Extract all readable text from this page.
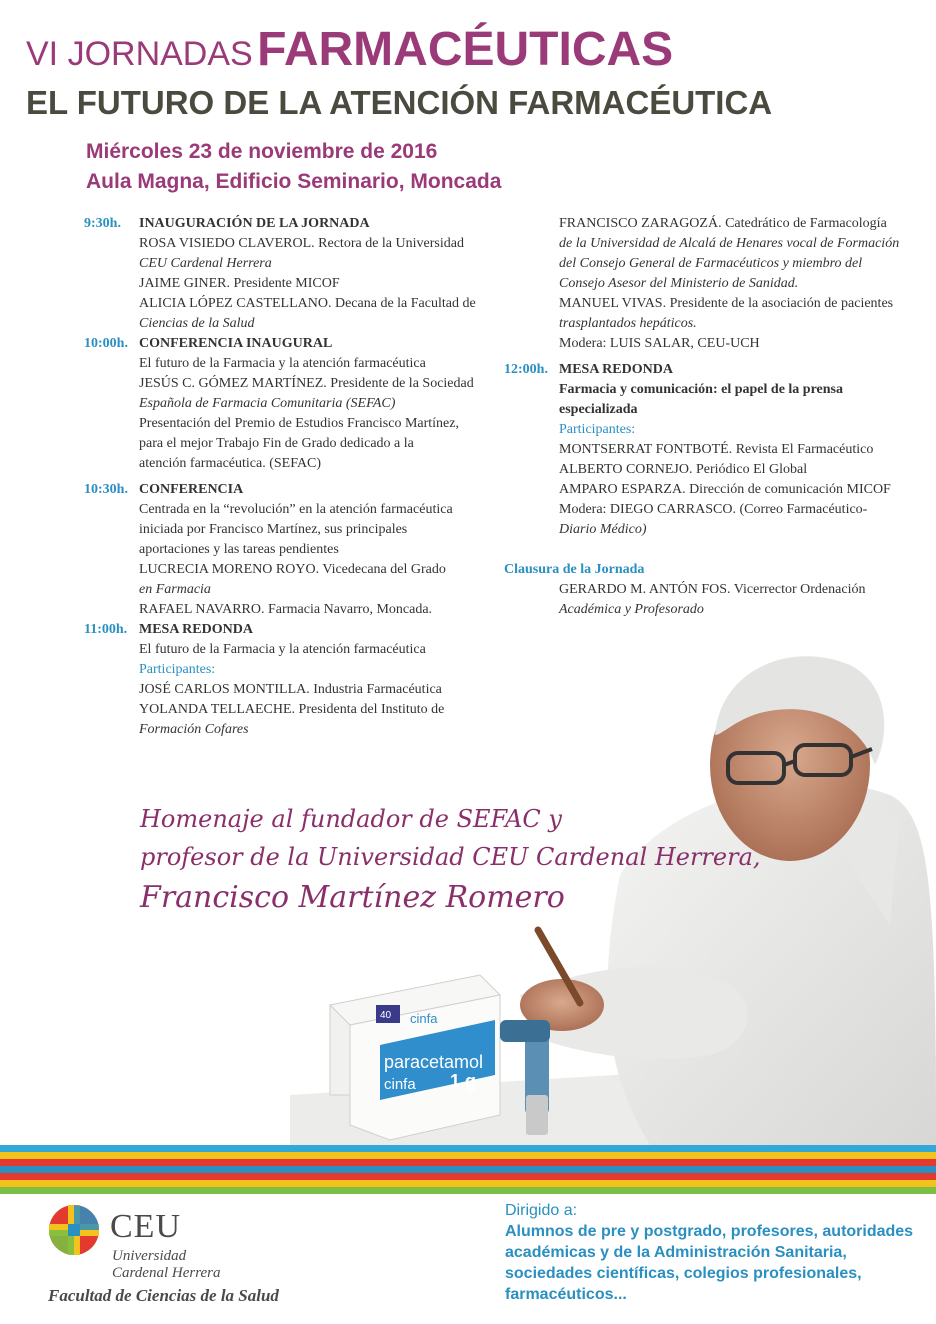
VI JORNADAS FARMACÉUTICAS
EL FUTURO DE LA ATENCIÓN FARMACÉUTICA
Miércoles 23 de noviembre de 2016
Aula Magna, Edificio Seminario, Moncada
9:30h. INAUGURACIÓN DE LA JORNADA
ROSA VISIEDO CLAVEROL. Rectora de la Universidad
CEU Cardenal Herrera
JAIME GINER. Presidente MICOF
ALICIA LÓPEZ CASTELLANO. Decana de la Facultad de
Ciencias de la Salud
10:00h. CONFERENCIA INAUGURAL
El futuro de la Farmacia y la atención farmacéutica
JESÚS C. GÓMEZ MARTÍNEZ. Presidente de la Sociedad
Española de Farmacia Comunitaria (SEFAC)
Presentación del Premio de Estudios Francisco Martínez,
para el mejor Trabajo Fin de Grado dedicado a la
atención farmacéutica. (SEFAC)
10:30h. CONFERENCIA
Centrada en la “revolución” en la atención farmacéutica
iniciada por Francisco Martínez, sus principales
aportaciones y las tareas pendientes
LUCRECIA MORENO ROYO. Vicedecana del Grado
en Farmacia
RAFAEL NAVARRO. Farmacia Navarro, Moncada.
11:00h. MESA REDONDA
El futuro de la Farmacia y la atención farmacéutica
Participantes:
JOSÉ CARLOS MONTILLA. Industria Farmacéutica
YOLANDA TELLAECHE. Presidenta del Instituto de
Formación Cofares
FRANCISCO ZARAGOZÁ. Catedrático de Farmacología
de la Universidad de Alcalá de Henares vocal de Formación
del Consejo General de Farmacéuticos y miembro del
Consejo Asesor del Ministerio de Sanidad.
MANUEL VIVAS. Presidente de la asociación de pacientes
trasplantados hepáticos.
Modera: LUIS SALAR, CEU-UCH
12:00h. MESA REDONDA
Farmacia y comunicación: el papel de la prensa
especializada
Participantes:
MONTSERRAT FONTBOTÉ. Revista El Farmacéutico
ALBERTO CORNEJO. Periódico El Global
AMPARO ESPARZA. Dirección de comunicación MICOF
Modera: DIEGO CARRASCO. (Correo Farmacéutico-
Diario Médico)
Clausura de la Jornada
GERARDO M. ANTÓN FOS. Vicerrector Ordenación
Académica y Profesorado
cinfa
paracetamol
cinfa 1 g
40
Homenaje al fundador de SEFAC y
profesor de la Universidad CEU Cardenal Herrera,
Francisco Martínez Romero
CEU
Universidad
Cardenal Herrera
Facultad de Ciencias de la Salud
Dirigido a:
Alumnos de pre y postgrado, profesores, autoridades académicas y de la Administración Sanitaria, sociedades científicas, colegios profesionales, farmacéuticos...
